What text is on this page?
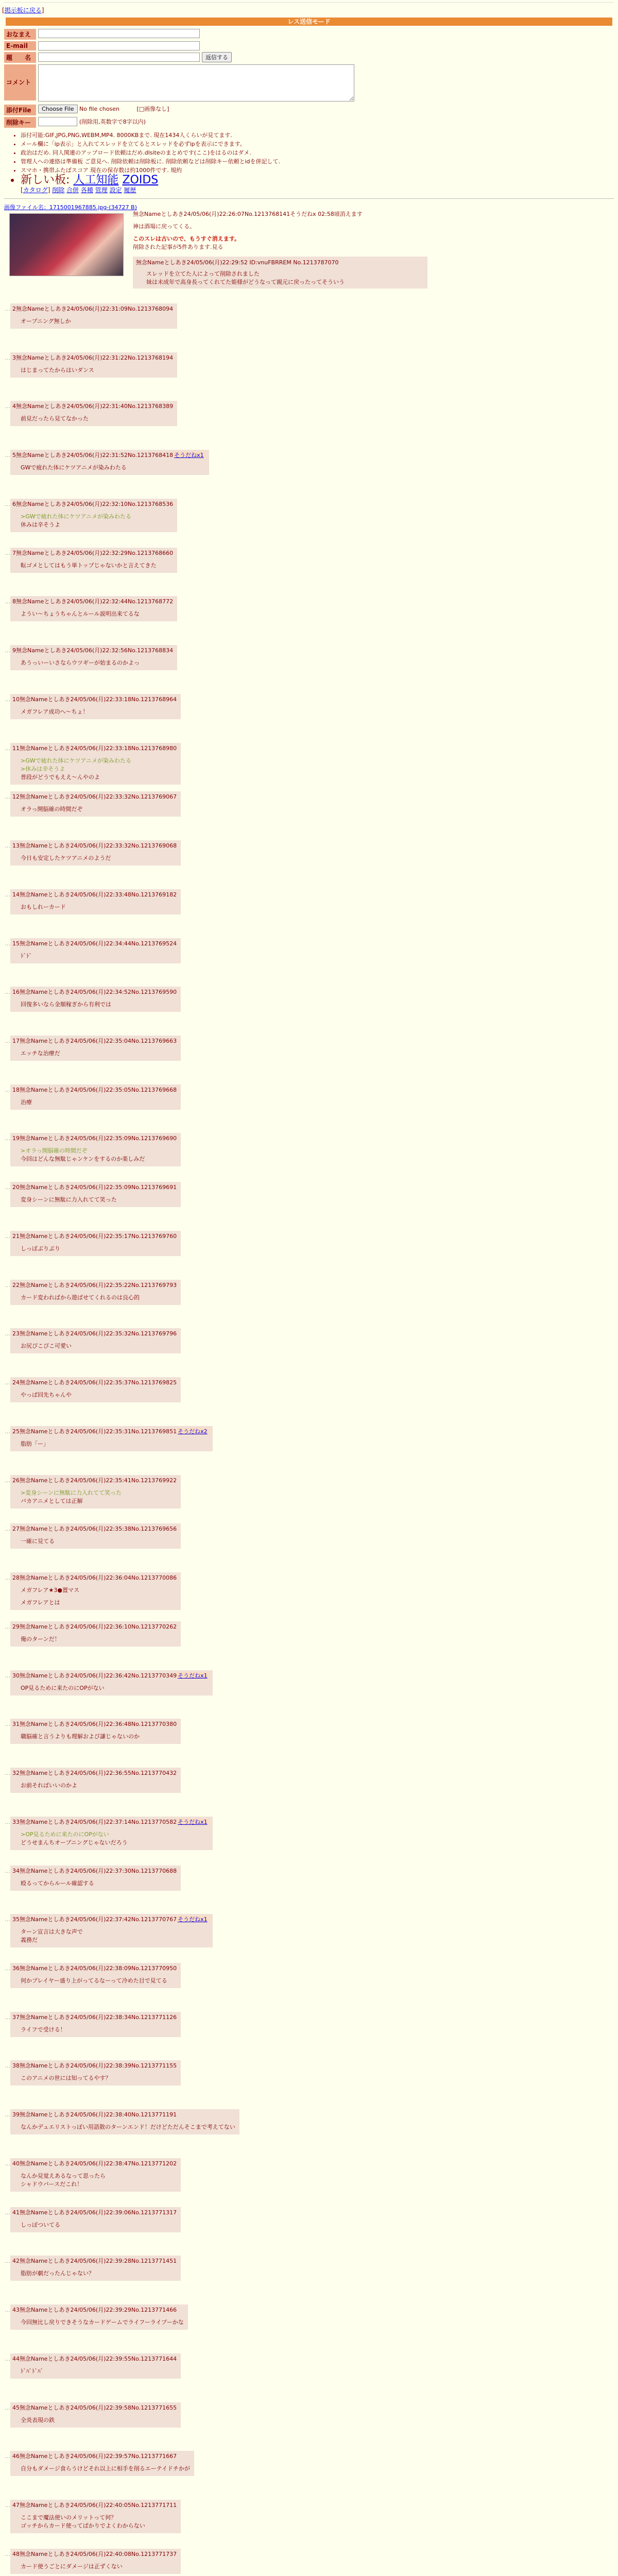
[掲示板に戻る]
レス送信モード
おなまえ
E-mail
題　　名	返信する
コメント
添付File	Choose File No file chosen	[□画像なし]
削除キー	(削除用,英数字で8字以内)
• 添付可能:GIF,JPG,PNG,WEBM,MP4. 8000KBまで. 現在1434人くらいが見てます.
• メール欄に「ip表示」と入れてスレッドを立てるとスレッドを必ずipを表示にできます。
• 政治はだめ. 同人関連のアップロード依頼はだめ.dlsiteのまとめです(ここ)をはるのはダメ.
• 管理人への連絡は準備板 ご意見へ. 削除依頼は削除板に. 削除依頼などは削除キー依頼とidを併記して.
• スマホ・携帯ふたばスコア 現在の保存数は約1000件です. 規約
• 新しい板: 人工知能 ZOIDS
[カタログ] 削除 合併 各種 管理 設定 履歴
画像ファイル名：1715001967885.jpg-(34727 B)
無念Nameとしあき24/05/06(月)22:26:07No.1213768141そうだねx 02:58頃消えます
神は酒場に戻ってくる。
このスレは古いので、もうすぐ消えます。
削除された記事が5件あります.見る
無念Nameとしあき24/05/06(月)22:29:52 ID:vnuFBRREM No.1213787070
スレッドを立てた人によって削除されました
妹は未成年で高身長ってくれてた姫様がどうなって親元に戻ったってそういう
… 2無念Nameとしあき24/05/06(月)22:31:09No.1213768094
オープニング無しか
… 3無念Nameとしあき24/05/06(月)22:31:22No.1213768194
はじまってたからはいダンス
… 4無念Nameとしあき24/05/06(月)22:31:40No.1213768389
前見だったら見てなかった
… 5無念Nameとしあき24/05/06(月)22:31:52No.1213768418 そうだねx1
GWで疲れた体にケツアニメが染みわたる
… 6無念Nameとしあき24/05/06(月)22:32:10No.1213768536
>GWで疲れた体にケツアニメが染みわたる
休みは辛そうよ
… 7無念Nameとしあき24/05/06(月)22:32:29No.1213768660
転ゴメとしてはもう単トップじゃないかと言えてきた
… 8無念Nameとしあき24/05/06(月)22:32:44No.1213768772
ようい〜ちょうちゃんとルール説明出来てるな
… 9無念Nameとしあき24/05/06(月)22:32:56No.1213768834
あうっいーいさならウツギーが始まるのかよっ
… 10無念Nameとしあき24/05/06(月)22:33:18No.1213768964
メガフレア成功へ〜ちょ！
… 11無念Nameとしあき24/05/06(月)22:33:18No.1213768980
>GWで疲れた体にケツアニメが染みわたる
>休みは辛そうよ
普段がどうでもええ〜んやのよ
… 12無念Nameとしあき24/05/06(月)22:33:32No.1213769067
オラっ開脳確の時間だぞ
… 13無念Nameとしあき24/05/06(月)22:33:32No.1213769068
今日も安定したケツアニメのようだ
… 14無念Nameとしあき24/05/06(月)22:33:48No.1213769182
おもしれーカード
… 15無念Nameとしあき24/05/06(月)22:34:44No.1213769524
ﾄﾞﾄﾞ
… 16無念Nameとしあき24/05/06(月)22:34:52No.1213769590
回復多いなら金額稼ぎから有利では
… 17無念Nameとしあき24/05/06(月)22:35:04No.1213769663
エッチな治療だ
… 18無念Nameとしあき24/05/06(月)22:35:05No.1213769668
治療
… 19無念Nameとしあき24/05/06(月)22:35:09No.1213769690
>オラっ開脳確の時間だぞ
今回はどんな無駄じゃンケンをするのか楽しみだ
… 20無念Nameとしあき24/05/06(月)22:35:09No.1213769691
変身シーンに無駄に力入れてて笑った
… 21無念Nameとしあき24/05/06(月)22:35:17No.1213769760
しっぽぶりぶり
… 22無念Nameとしあき24/05/06(月)22:35:22No.1213769793
カード変わればから遊ばせてくれるのは良心的
… 23無念Nameとしあき24/05/06(月)22:35:32No.1213769796
お尻ぴこぴこ可愛い
… 24無念Nameとしあき24/05/06(月)22:35:37No.1213769825
やっぱ回先ちゃんや
… 25無念Nameとしあき24/05/06(月)22:35:31No.1213769851 そうだねx2
脂肪「ー」
… 26無念Nameとしあき24/05/06(月)22:35:41No.1213769922
>変身シーンに無駄に力入れてて笑った
バカアニメとしては正解
… 27無念Nameとしあき24/05/06(月)22:35:38No.1213769656
一確に見てる
… 28無念Nameとしあき24/05/06(月)22:36:04No.1213770086
メガフレア★3●置マス
メガフレアとは
… 29無念Nameとしあき24/05/06(月)22:36:10No.1213770262
俺のターンだ！
… 30無念Nameとしあき24/05/06(月)22:36:42No.1213770349 そうだねx1
OP見るために来たのにOPがない
… 31無念Nameとしあき24/05/06(月)22:36:48No.1213770380
職脳確と言うよりも理解および謙じゃないのか
… 32無念Nameとしあき24/05/06(月)22:36:55No.1213770432
お前そればいいのかよ
… 33無念Nameとしあき24/05/06(月)22:37:14No.1213770582 そうだねx1
>OP見るために来たのにOPがない
どうせまんちオープニングじゃないだろう
… 34無念Nameとしあき24/05/06(月)22:37:30No.1213770688
殴るってからルール確認する
… 35無念Nameとしあき24/05/06(月)22:37:42No.1213770767 そうだねx1
ターン宣言は大きな声で
義務だ
… 36無念Nameとしあき24/05/06(月)22:38:09No.1213770950
何かプレイヤー盛り上がってるなーって冷めた目で見てる
… 37無念Nameとしあき24/05/06(月)22:38:34No.1213771126
ライフで受ける！
… 38無念Nameとしあき24/05/06(月)22:38:39No.1213771155
このアニメの世には知ってるやす？
… 39無念Nameとしあき24/05/06(月)22:38:40No.1213771191
なんかデュエリストっぽい用語散のターンエンド！だけどただんそこまで考えてない
… 40無念Nameとしあき24/05/06(月)22:38:47No.1213771202
なんか見覚えあるなって思ったら
シャドウバースだこれ！
… 41無念Nameとしあき24/05/06(月)22:39:06No.1213771317
しっぽついてる
… 42無念Nameとしあき24/05/06(月)22:39:28No.1213771451
脂肪が劇だったんじゃない？
… 43無念Nameとしあき24/05/06(月)22:39:29No.1213771466
今回無比し戻りできそうなカードゲームでライフーライプーかな
… 44無念Nameとしあき24/05/06(月)22:39:55No.1213771644
ﾄﾞﾊﾞﾄﾞﾊﾞ
… 45無念Nameとしあき24/05/06(月)22:39:58No.1213771655
全炎表現の鉄
… 46無念Nameとしあき24/05/06(月)22:39:57No.1213771667
自分もダメージ食らうけどそれ以上に相手を削るエーテイドチかが
… 47無念Nameとしあき24/05/06(月)22:40:05No.1213771711
ここまで魔法使いのメリットって何？
ゴッチからカード使ってばかりでよくわからない
… 48無念Nameとしあき24/05/06(月)22:40:08No.1213771737
カード使うごとにダメージは正ずくない
